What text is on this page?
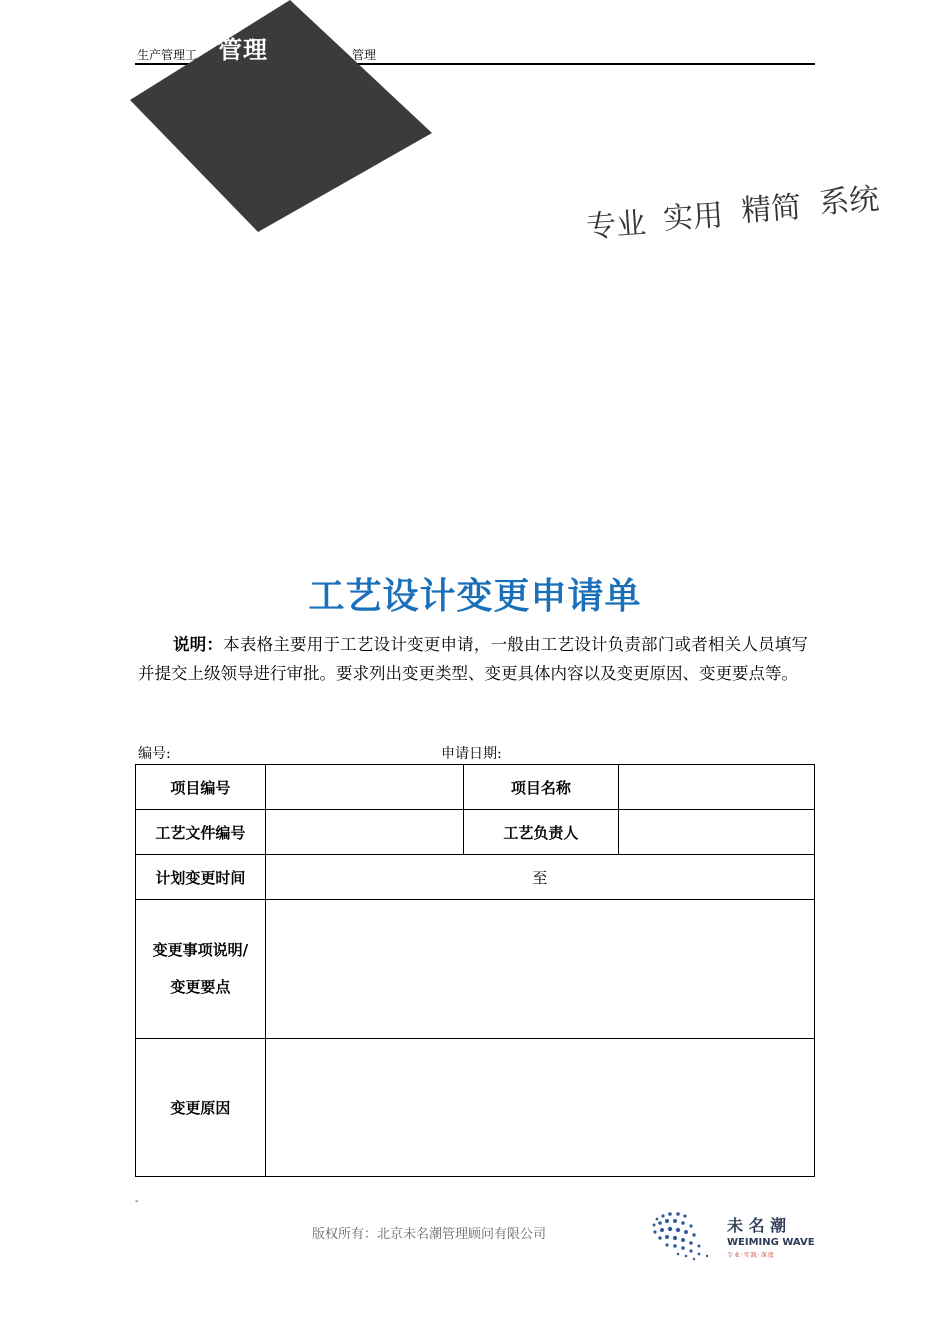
生产管理工	管理
管理
专业 实用 精简 系统
工艺设计变更申请单
说明：本表格主要用于工艺设计变更申请，一般由工艺设计负责部门或者相关人员填写并提交上级领导进行审批。要求列出变更类型、变更具体内容以及变更原因、变更要点等。
编号:	申请日期:
项目编号		项目名称	
工艺文件编号		工艺负责人	
计划变更时间	至		
变更事项说明/
变更要点			
变更原因			
-
版权所有：北京未名潮管理顾问有限公司	未 名 潮
WEIMING WAVE
专业·实践·深度
